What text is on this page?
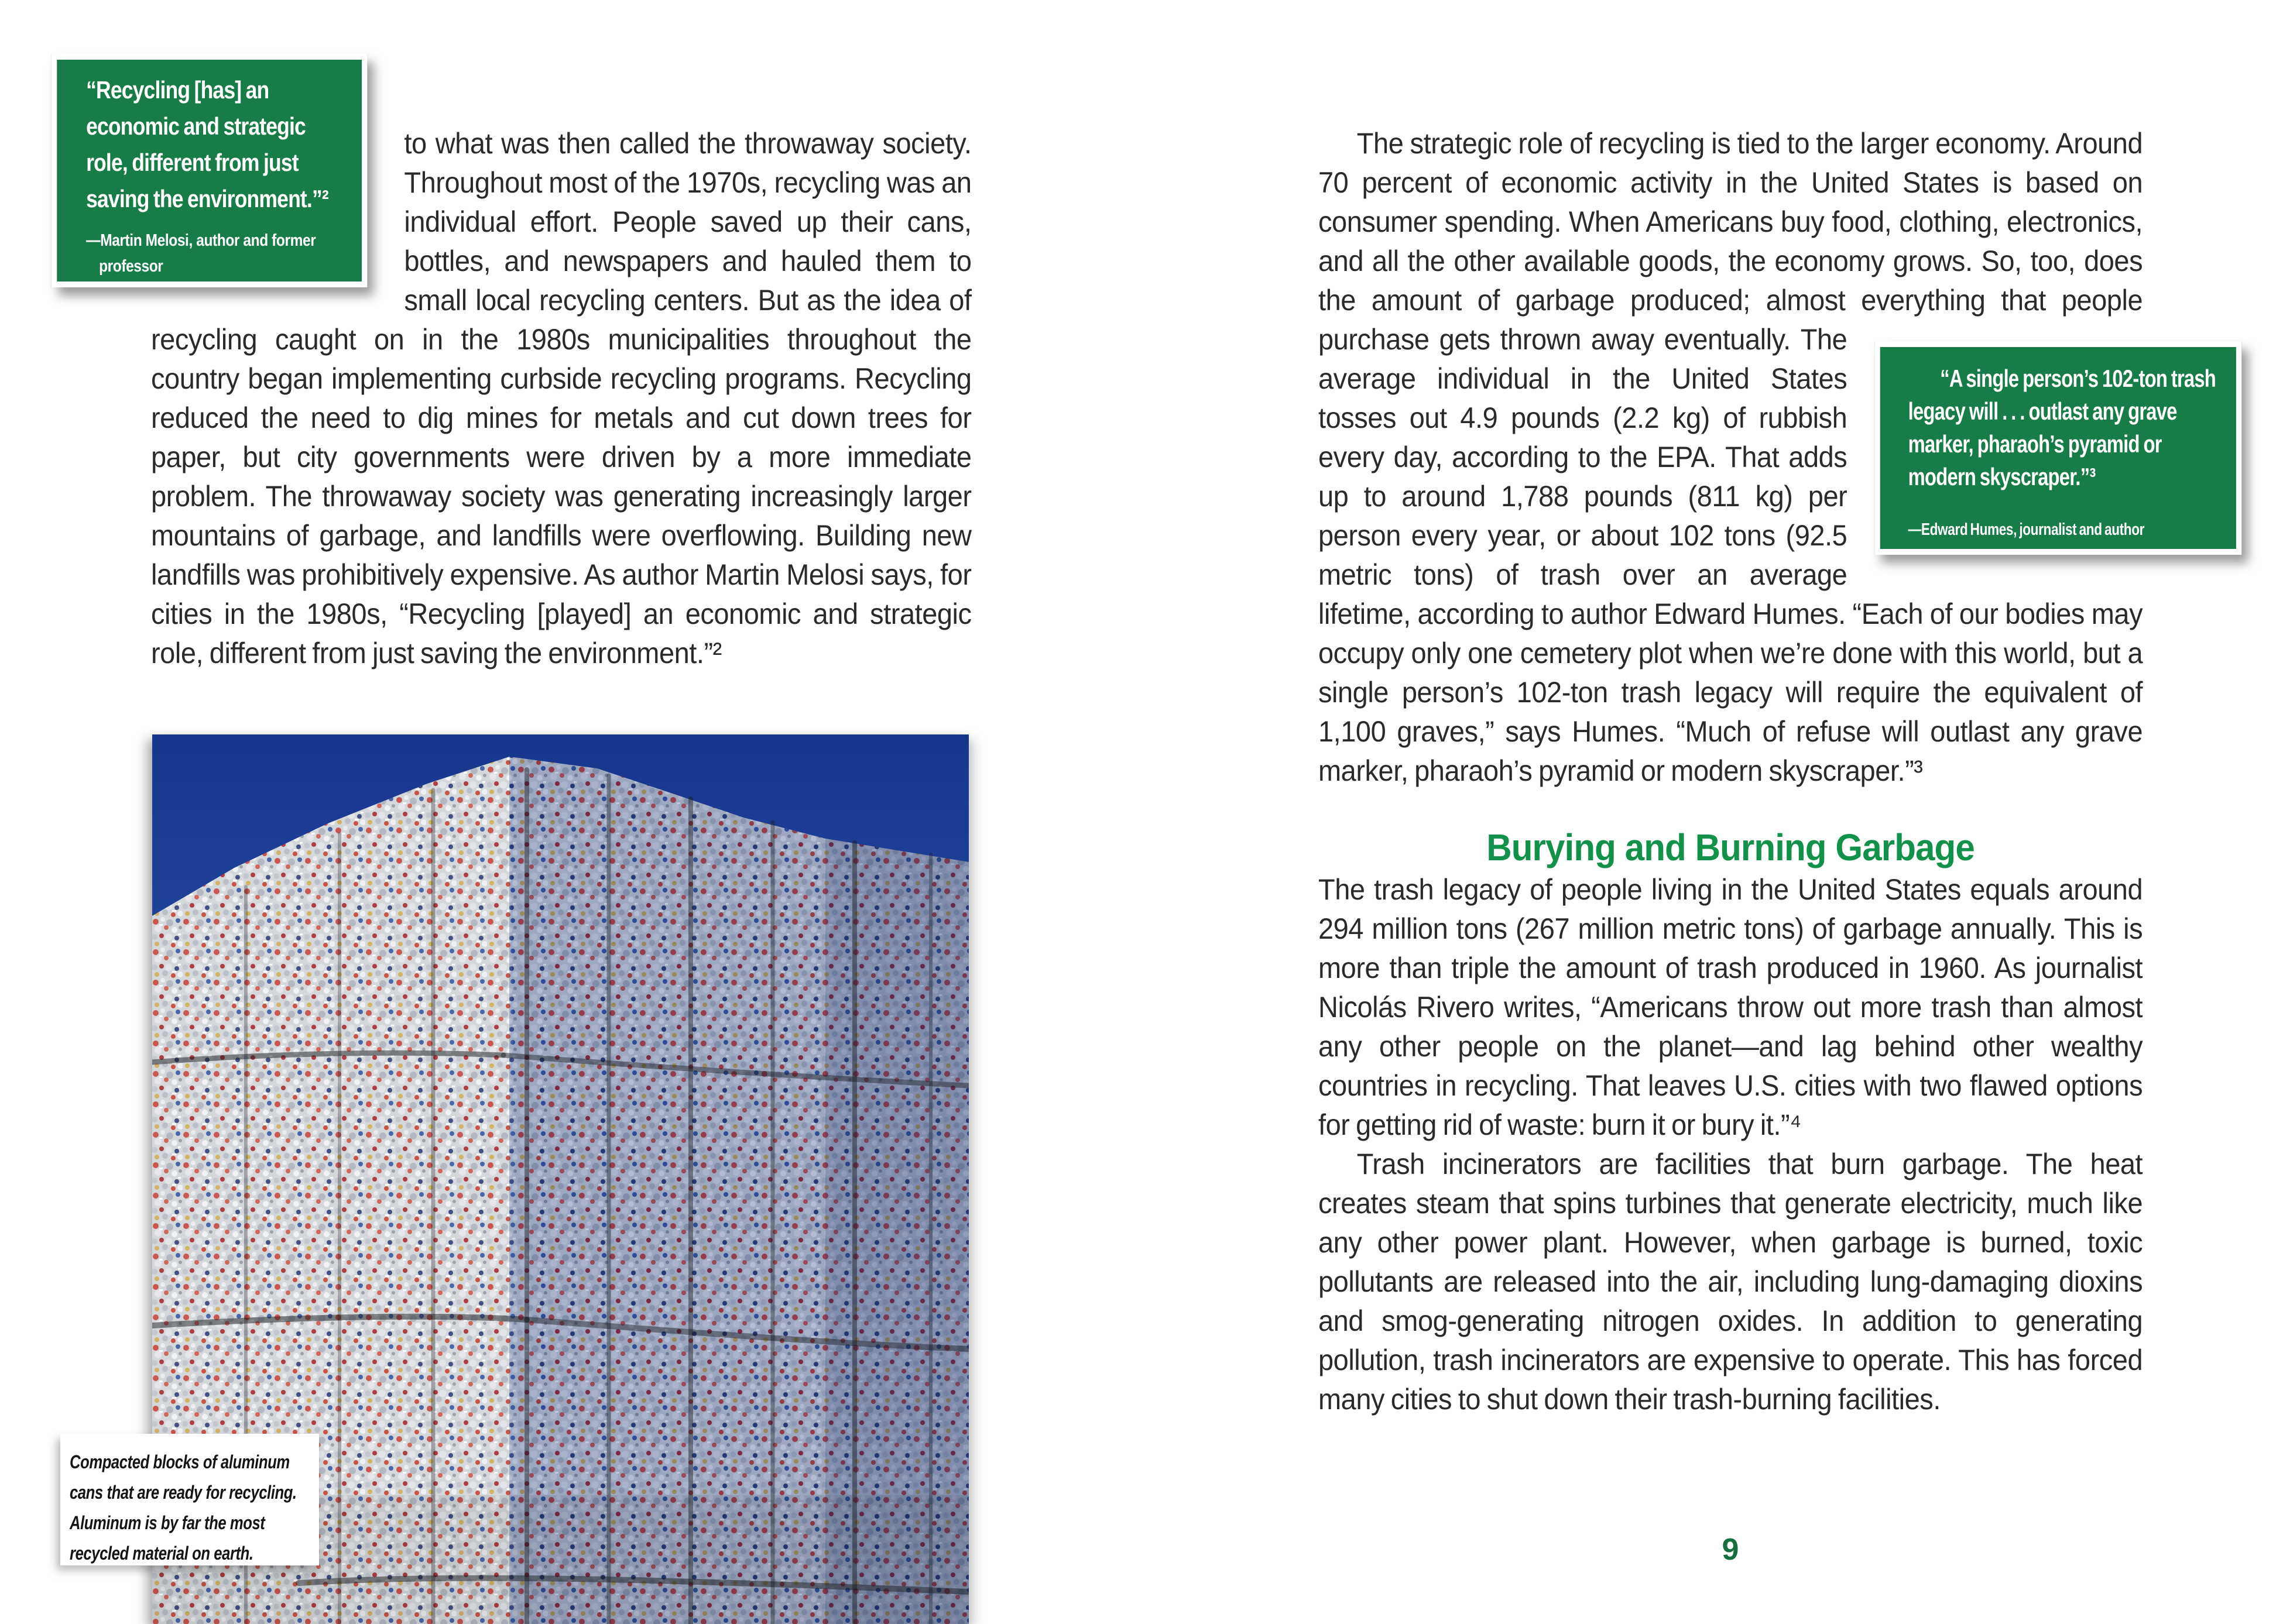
“Recycling [has] an economic and strategic role, different from just saving the environment.”²

—Martin Melosi, author and former professor

to what was then called the throwaway society. Throughout most of the 1970s, recycling was an individual effort. People saved up their cans, bottles, and newspapers and hauled them to small local recycling centers. But as the idea of recycling caught on in the 1980s municipalities throughout the country began implementing curbside recycling programs. Recycling reduced the need to dig mines for metals and cut down trees for paper, but city governments were driven by a more immediate problem. The throwaway society was generating increasingly larger mountains of garbage, and landfills were overflowing. Building new landfills was prohibitively expensive. As author Martin Melosi says, for cities in the 1980s, “Recycling [played] an economic and strategic role, different from just saving the environment.”²

Compacted blocks of aluminum cans that are ready for recycling. Aluminum is by far the most recycled material on earth.

The strategic role of recycling is tied to the larger economy. Around 70 percent of economic activity in the United States is based on consumer spending. When Americans buy food, clothing, electronics, and all the other available goods, the economy grows. So, too, does the amount of garbage produced; almost everything that people purchase gets thrown away eventually.
“A single person’s 102-ton trash legacy will . . . outlast any grave marker, pharaoh’s pyramid or modern skyscraper.”³
—Edward Humes, journalist and author
The average individual in the United States tosses out 4.9 pounds (2.2 kg) of rubbish every day, according to the EPA. That adds up to around 1,788 pounds (811 kg) per person every year, or about 102 tons (92.5 metric tons) of trash over an average lifetime, according to author Edward Humes. “Each of our bodies may occupy only one cemetery plot when we’re done with this world, but a single person’s 102-ton trash legacy will require the equivalent of 1,100 graves,” says Humes. “Much of refuse will outlast any grave marker, pharaoh’s pyramid or modern skyscraper.”³

Burying and Burning Garbage

The trash legacy of people living in the United States equals around 294 million tons (267 million metric tons) of garbage annually. This is more than triple the amount of trash produced in 1960. As journalist Nicolás Rivero writes, “Americans throw out more trash than almost any other people on the planet—and lag behind other wealthy countries in recycling. That leaves U.S. cities with two flawed options for getting rid of waste: burn it or bury it.”⁴

Trash incinerators are facilities that burn garbage. The heat creates steam that spins turbines that generate electricity, much like any other power plant. However, when garbage is burned, toxic pollutants are released into the air, including lung-damaging dioxins and smog-generating nitrogen oxides. In addition to generating pollution, trash incinerators are expensive to operate. This has forced many cities to shut down their trash-burning facilities.

9
